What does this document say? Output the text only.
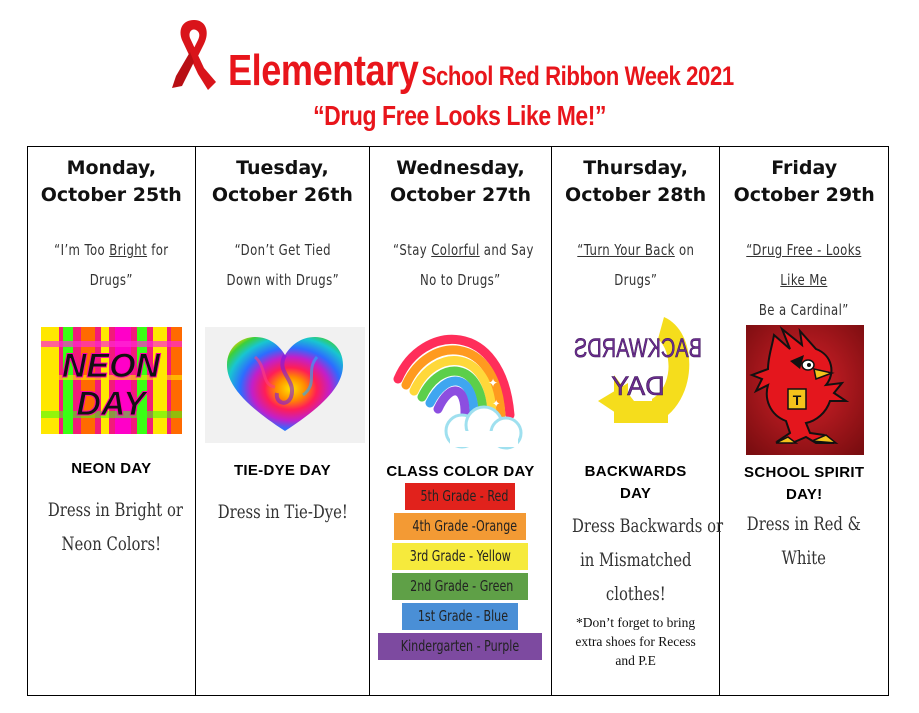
Elementary School Red Ribbon Week 2021
“Drug Free Looks Like Me!”
Monday,
October 25th
“I’m Too Bright for
Drugs”
NEON
DAY
NEON DAY
Dress in Bright or
Neon Colors!
Tuesday,
October 26th
“Don’t Get Tied
Down with Drugs”
TIE-DYE DAY
Dress in Tie-Dye!
Wednesday,
October 27th
“Stay Colorful and Say
No to Drugs”
✦
✦
CLASS COLOR DAY
5th Grade - Red
4th Grade -Orange
3rd Grade - Yellow
2nd Grade - Green
1st Grade - Blue
Kindergarten - Purple
Thursday,
October 28th
“Turn Your Back on
Drugs”
BACKWARDS
DAY
BACKWARDS
DAY
Dress Backwards or
in Mismatched
clothes!
*Don’t forget to bring
extra shoes for Recess
and P.E
Friday
October 29th
“Drug Free - Looks
Like Me
Be a Cardinal”
T
SCHOOL SPIRIT
DAY!
Dress in Red &
White
